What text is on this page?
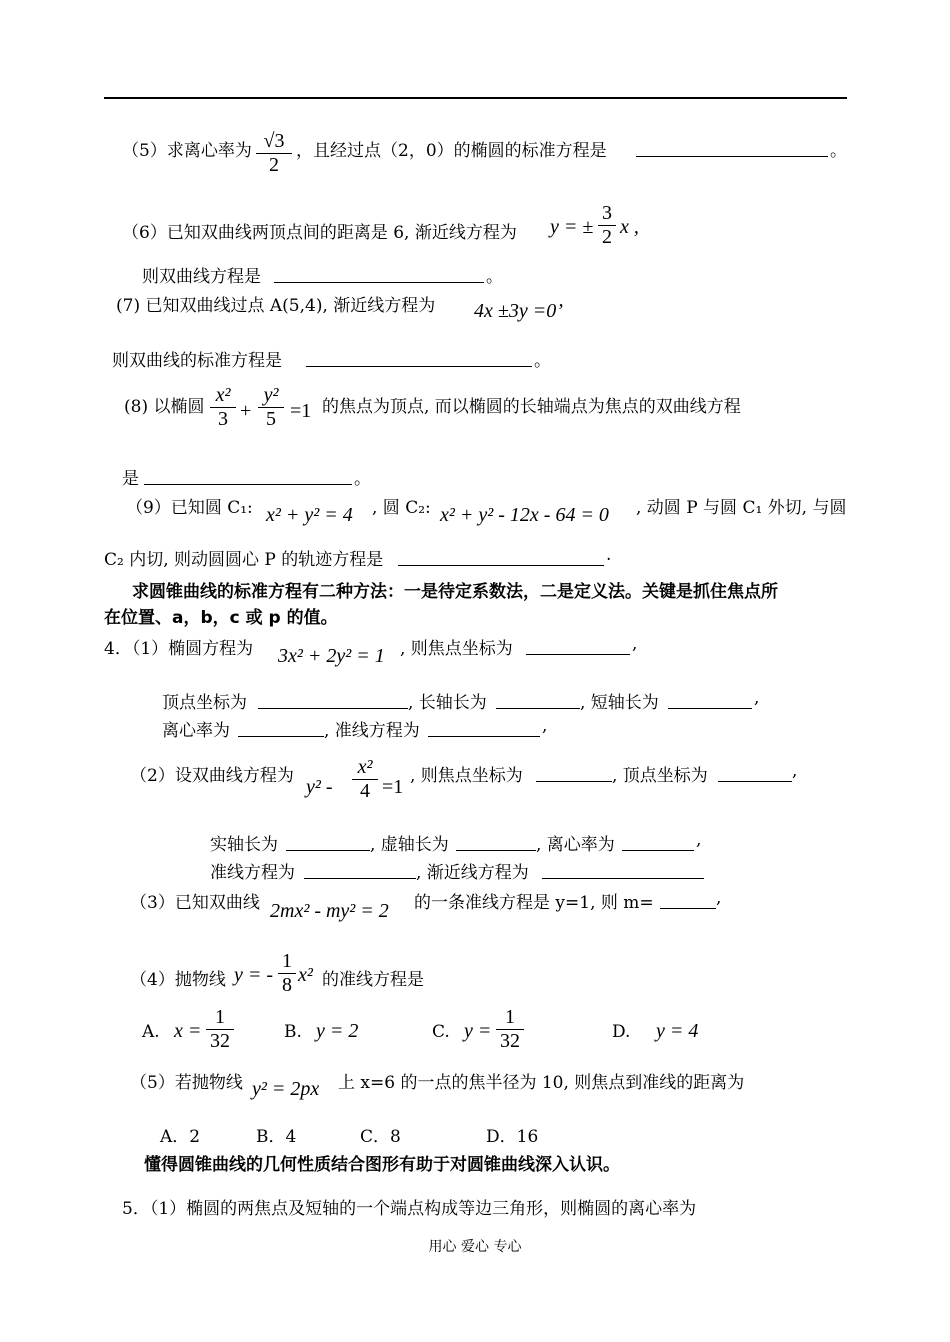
（5）求离心率为 $\frac{√3}{2}$ ，且经过点（2，0）的椭圆的标准方程是	。
（6）已知双曲线两顶点间的距离是 6, 渐近线方程为 y = ± $\frac{3}{2}$ x ,
则双曲线方程是	。
(7) 已知双曲线过点 A(5,4), 渐近线方程为 4x ±3y =0’
则双曲线的标准方程是	。
(8) 以椭圆 $\frac{\text{x²}}{3} + \frac{\text{y²}}{5} =1$ 的焦点为顶点, 而以椭圆的长轴端点为焦点的双曲线方程
是	。
（9）已知圆 C₁: x² + y² = 4 , 圆 C₂: x² + y² - 12x - 64 = 0 , 动圆 P 与圆 C₁ 外切, 与圆
C₂ 内切, 则动圆圆心 P 的轨迹方程是	.
求圆锥曲线的标准方程有二种方法：一是待定系数法，二是定义法。关键是抓住焦点所
在位置、a，b，c 或 p 的值。
4．（1）椭圆方程为 3x² + 2y² = 1 , 则焦点坐标为	,
顶点坐标为	, 长轴长为	, 短轴长为	,
离心率为	, 准线方程为	,
（2）设双曲线方程为 $y^2 - \frac{\text{x²}}{4} =1$ , 则焦点坐标为	, 顶点坐标为	,
实轴长为	, 虚轴长为	, 离心率为	,
准线方程为	, 渐近线方程为
（3）已知双曲线 2mx² - my² = 2 的一条准线方程是 y=1, 则 m=	,
（4）抛物线 y = - $\frac{1}{8} x^2$ 的准线方程是
A. $x = \frac{1}{32}$	B. y = 2	C. $y = \frac{1}{32}$	D. y = 4
（5）若抛物线 y² = 2px 上 x=6 的一点的焦半径为 10, 则焦点到准线的距离为
A．2	B．4	C．8	D．16
懂得圆锥曲线的几何性质结合图形有助于对圆锥曲线深入认识。
5．（1）椭圆的两焦点及短轴的一个端点构成等边三角形，则椭圆的离心率为
用心 爱心 专心
